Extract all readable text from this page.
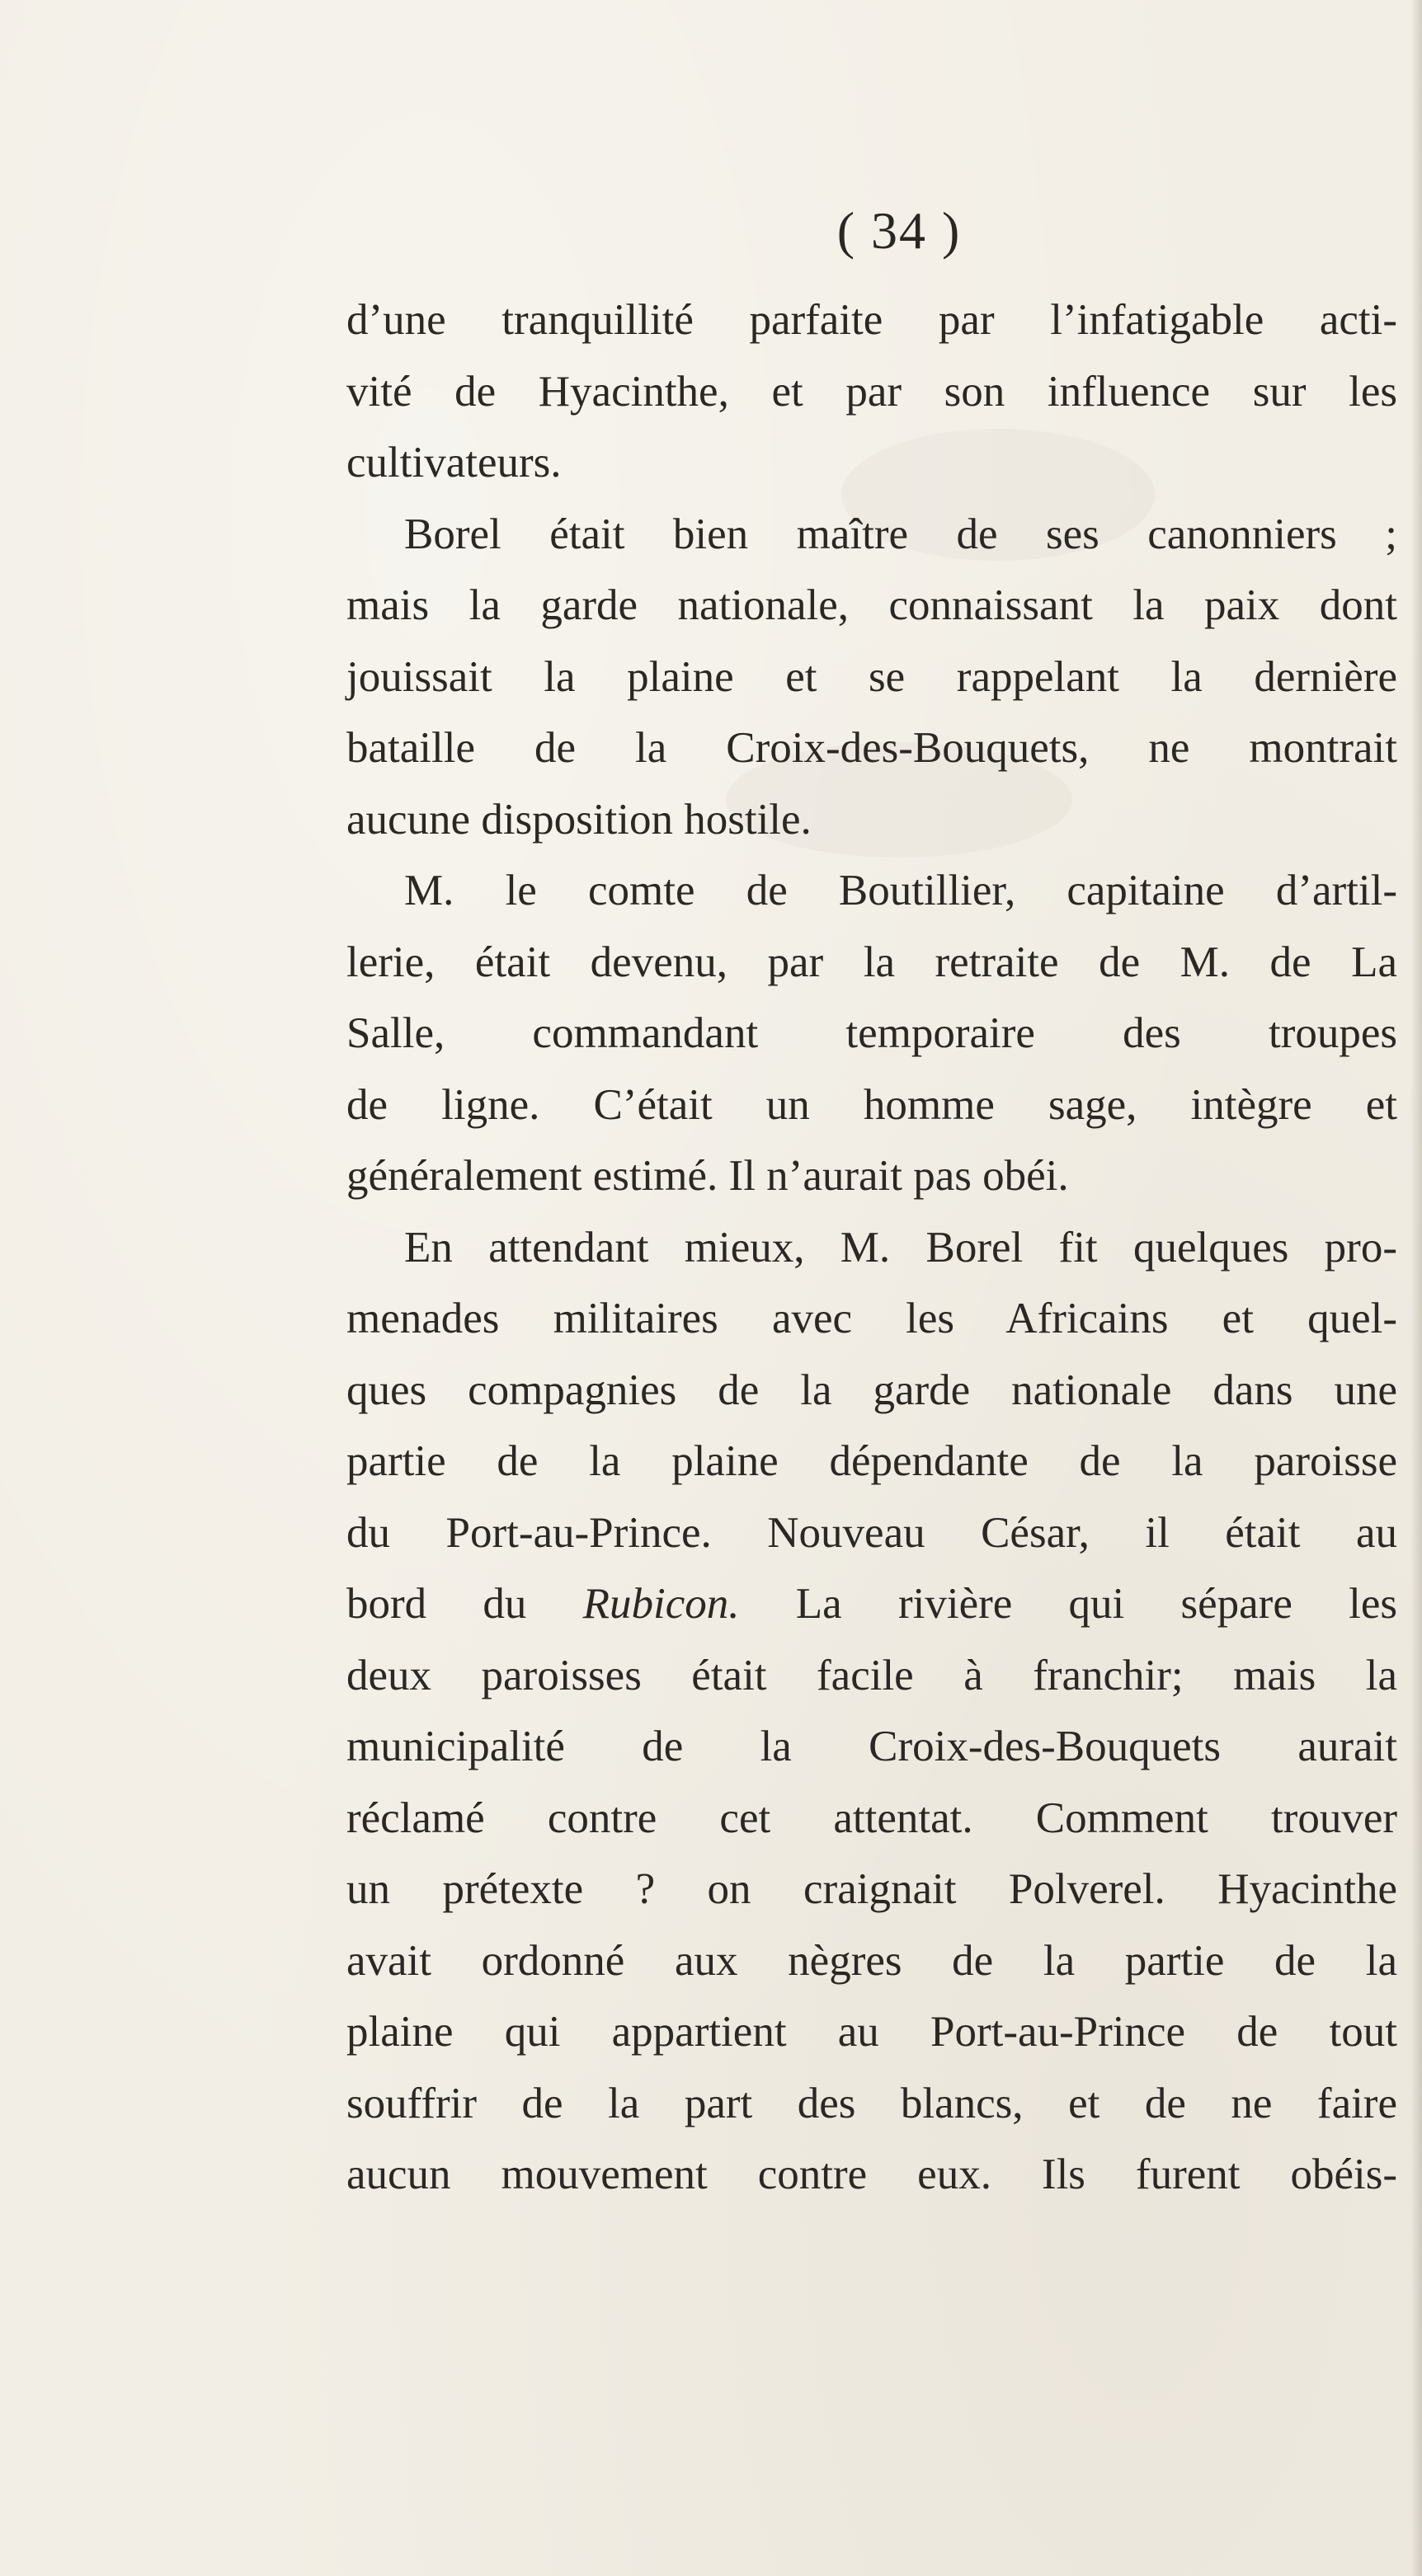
( 34 )
d’une tranquillité parfaite par l’infatigable acti-
vité de Hyacinthe, et par son influence sur les
cultivateurs.
Borel était bien maître de ses canonniers ;
mais la garde nationale, connaissant la paix dont
jouissait la plaine et se rappelant la dernière
bataille de la Croix-des-Bouquets, ne montrait
aucune disposition hostile.
M. le comte de Boutillier, capitaine d’artil-
lerie, était devenu, par la retraite de M. de La
Salle, commandant temporaire des troupes
de ligne. C’était un homme sage, intègre et
généralement estimé. Il n’aurait pas obéi.
En attendant mieux, M. Borel fit quelques pro-
menades militaires avec les Africains et quel-
ques compagnies de la garde nationale dans une
partie de la plaine dépendante de la paroisse
du Port-au-Prince. Nouveau César, il était au
bord du Rubicon. La rivière qui sépare les
deux paroisses était facile à franchir; mais la
municipalité de la Croix-des-Bouquets aurait
réclamé contre cet attentat. Comment trouver
un prétexte ? on craignait Polverel. Hyacinthe
avait ordonné aux nègres de la partie de la
plaine qui appartient au Port-au-Prince de tout
souffrir de la part des blancs, et de ne faire
aucun mouvement contre eux. Ils furent obéis-
